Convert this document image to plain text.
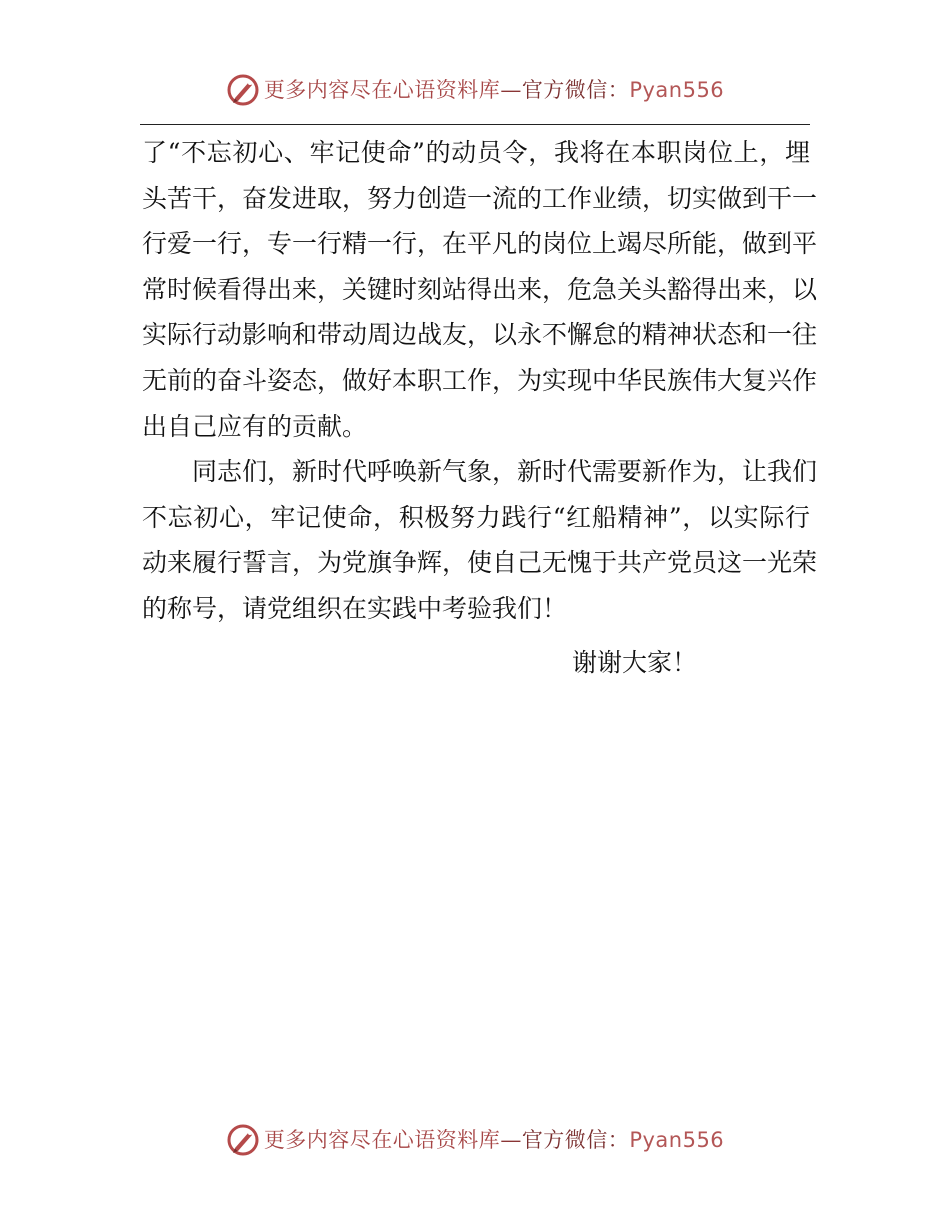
更多内容尽在心语资料库—官方微信：Pyan556
了“不忘初心、牢记使命”的动员令，我将在本职岗位上，埋
头苦干，奋发进取，努力创造一流的工作业绩，切实做到干一
行爱一行，专一行精一行，在平凡的岗位上竭尽所能，做到平
常时候看得出来，关键时刻站得出来，危急关头豁得出来，以
实际行动影响和带动周边战友，以永不懈怠的精神状态和一往
无前的奋斗姿态，做好本职工作，为实现中华民族伟大复兴作
出自己应有的贡献。
同志们，新时代呼唤新气象，新时代需要新作为，让我们
不忘初心，牢记使命，积极努力践行“红船精神”，以实际行
动来履行誓言，为党旗争辉，使自己无愧于共产党员这一光荣
的称号，请党组织在实践中考验我们！
谢谢大家！
更多内容尽在心语资料库—官方微信：Pyan556
